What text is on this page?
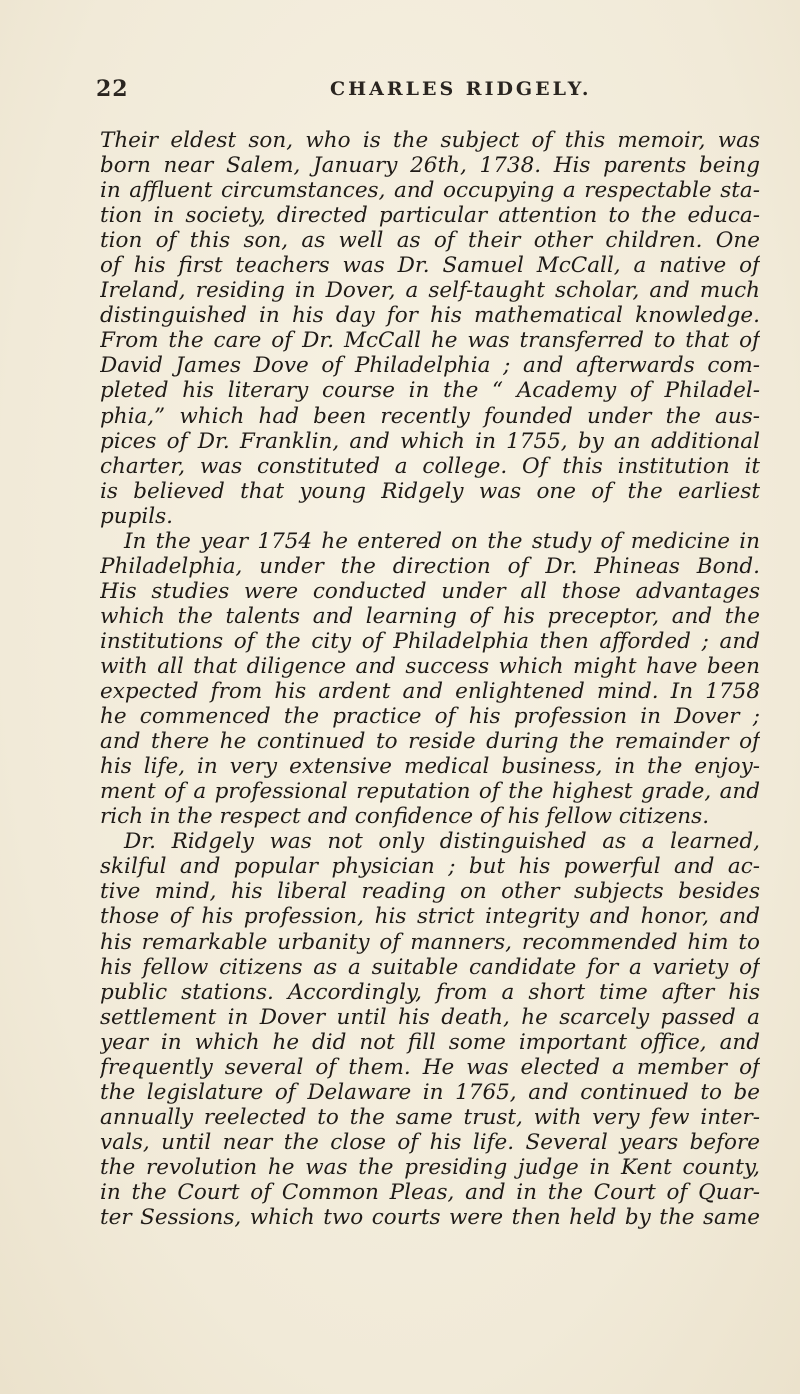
22	CHARLES RIDGELY.
Their eldest son, who is the subject of this memoir, was
born near Salem, January 26th, 1738. His parents being
in affluent circumstances, and occupying a respectable sta-
tion in society, directed particular attention to the educa-
tion of this son, as well as of their other children. One
of his first teachers was Dr. Samuel McCall, a native of
Ireland, residing in Dover, a self-taught scholar, and much
distinguished in his day for his mathematical knowledge.
From the care of Dr. McCall he was transferred to that of
David James Dove of Philadelphia ; and afterwards com-
pleted his literary course in the “ Academy of Philadel-
phia,” which had been recently founded under the aus-
pices of Dr. Franklin, and which in 1755, by an additional
charter, was constituted a college. Of this institution it
is believed that young Ridgely was one of the earliest
pupils.
In the year 1754 he entered on the study of medicine in
Philadelphia, under the direction of Dr. Phineas Bond.
His studies were conducted under all those advantages
which the talents and learning of his preceptor, and the
institutions of the city of Philadelphia then afforded ; and
with all that diligence and success which might have been
expected from his ardent and enlightened mind. In 1758
he commenced the practice of his profession in Dover ;
and there he continued to reside during the remainder of
his life, in very extensive medical business, in the enjoy-
ment of a professional reputation of the highest grade, and
rich in the respect and confidence of his fellow citizens.
Dr. Ridgely was not only distinguished as a learned,
skilful and popular physician ; but his powerful and ac-
tive mind, his liberal reading on other subjects besides
those of his profession, his strict integrity and honor, and
his remarkable urbanity of manners, recommended him to
his fellow citizens as a suitable candidate for a variety of
public stations. Accordingly, from a short time after his
settlement in Dover until his death, he scarcely passed a
year in which he did not fill some important office, and
frequently several of them. He was elected a member of
the legislature of Delaware in 1765, and continued to be
annually reelected to the same trust, with very few inter-
vals, until near the close of his life. Several years before
the revolution he was the presiding judge in Kent county,
in the Court of Common Pleas, and in the Court of Quar-
ter Sessions, which two courts were then held by the same
